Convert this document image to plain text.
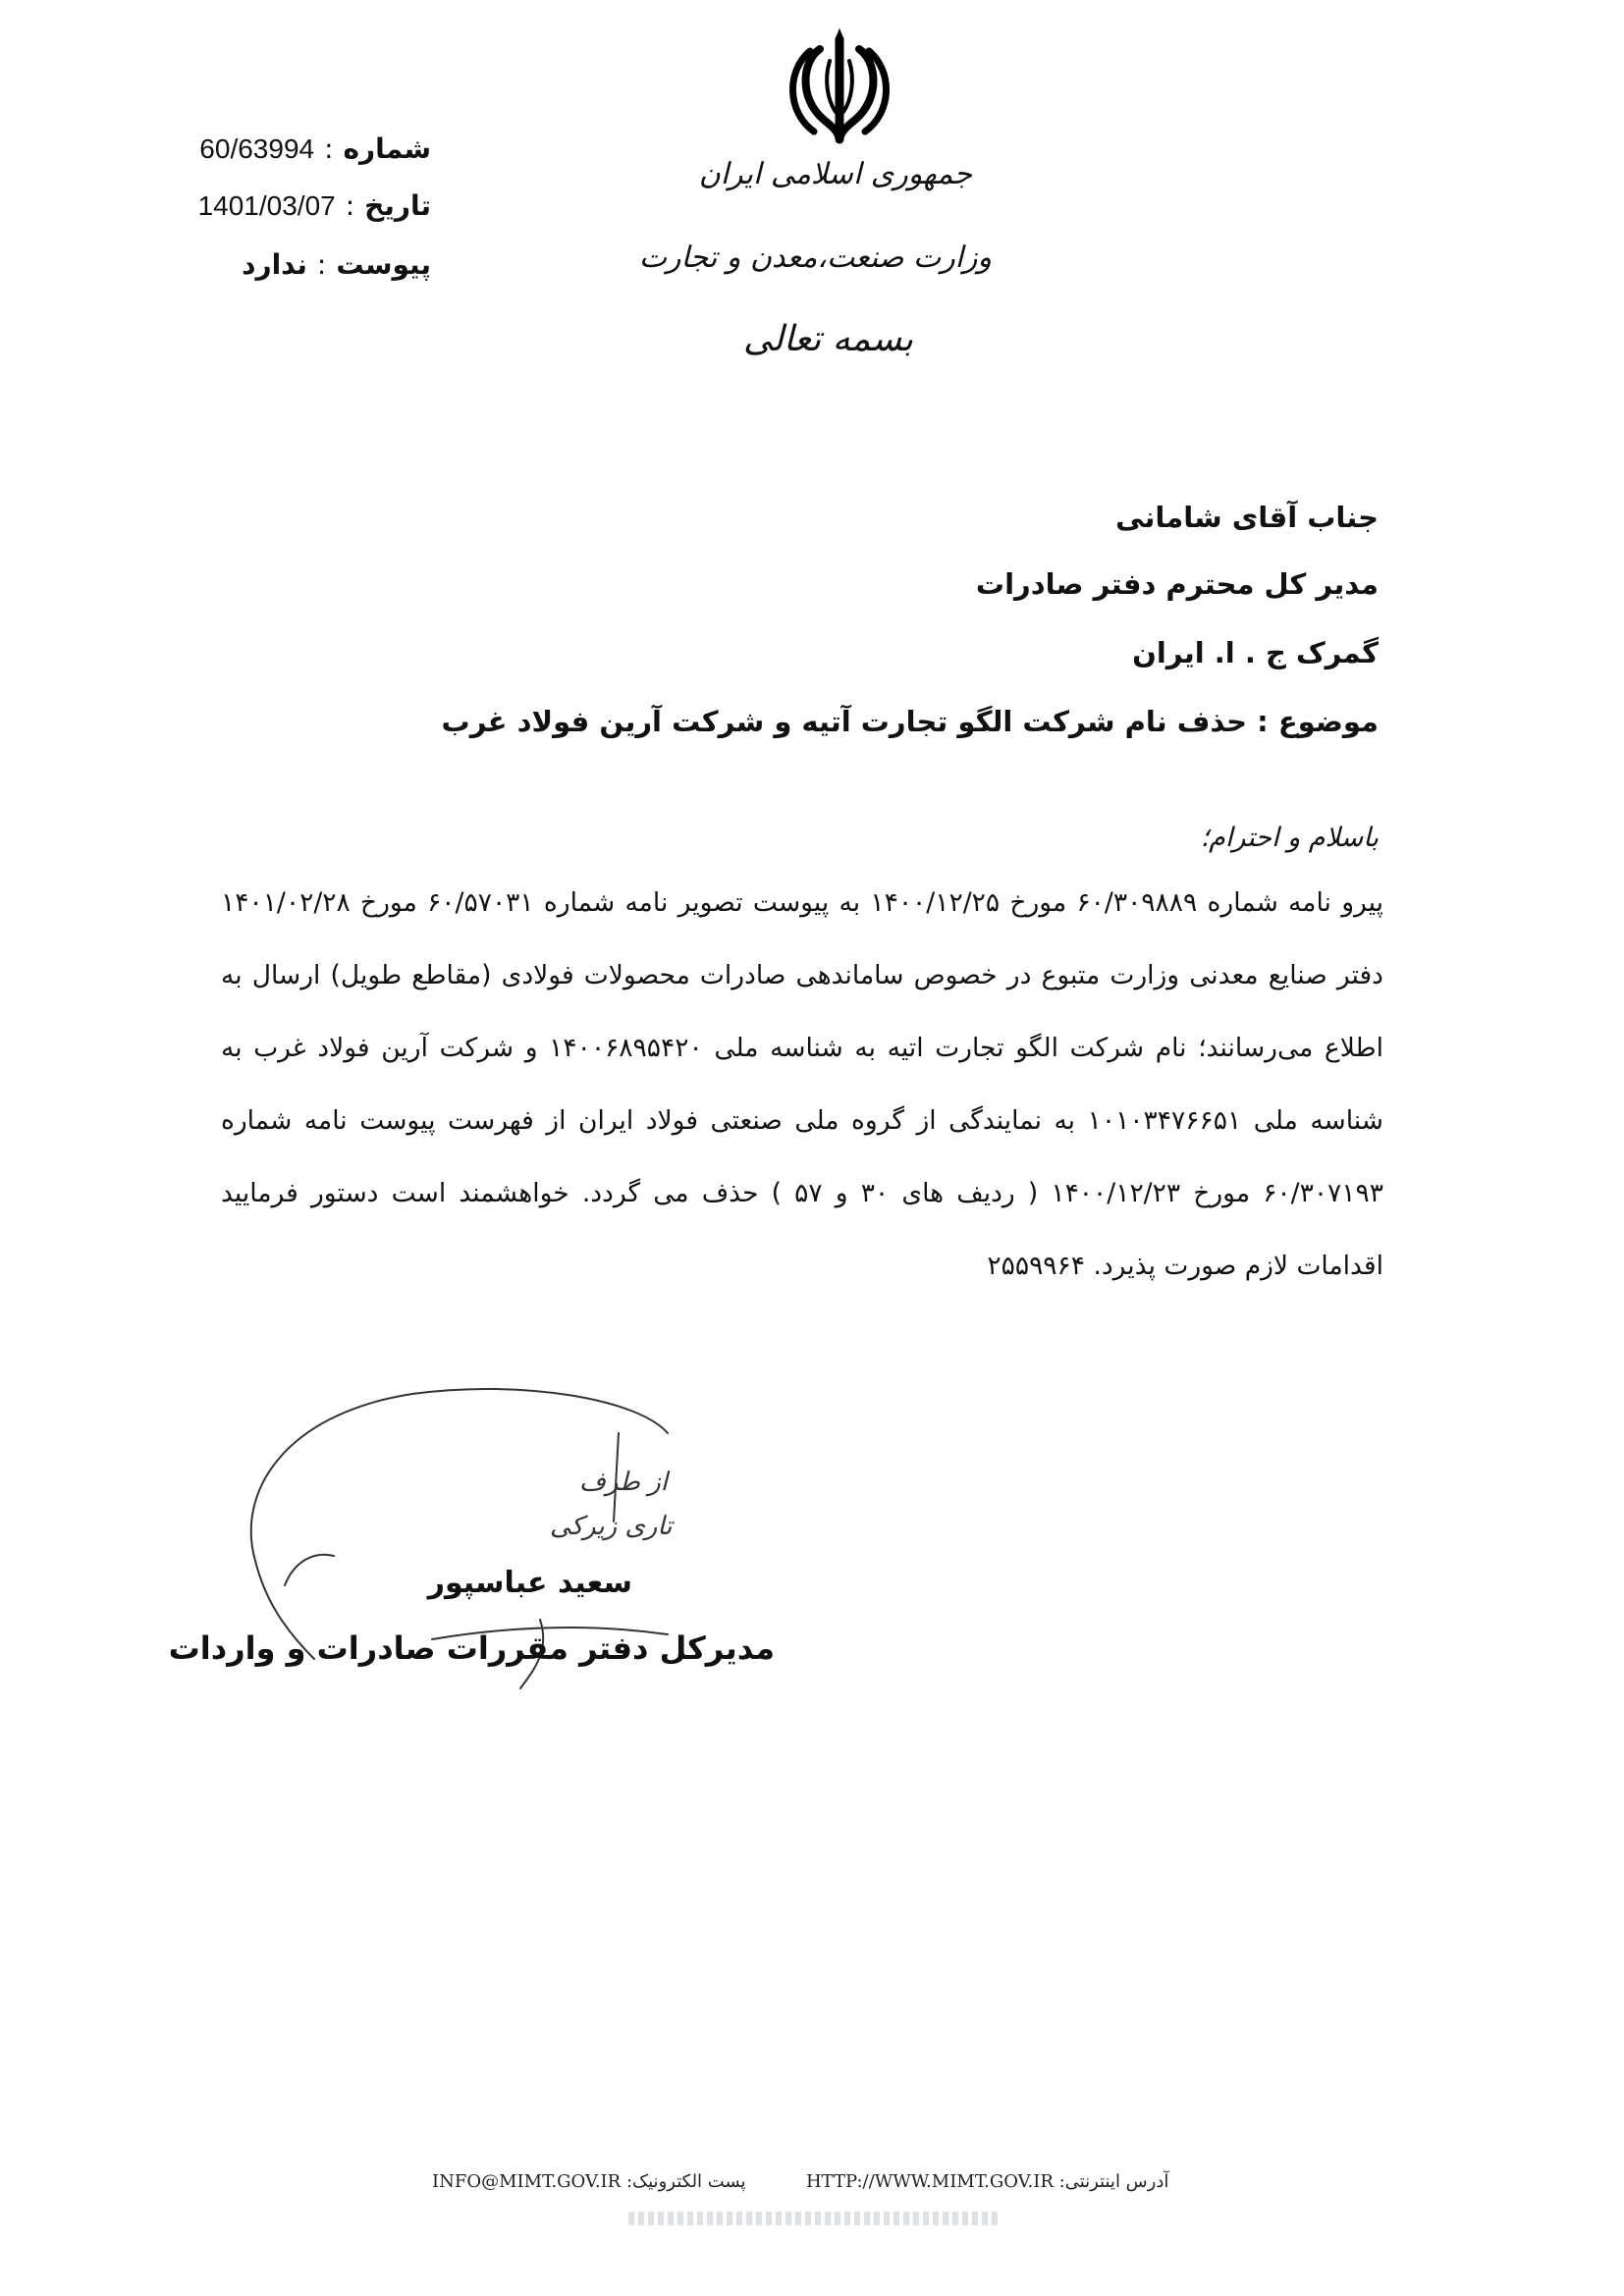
جمهوری اسلامی ایران
وزارت صنعت،معدن و تجارت
بسمه تعالی
شماره
:
60/63994
تاریخ
:
1401/03/07
پیوست
:
ندارد
جناب آقای شامانی
مدیر کل محترم دفتر صادرات
گمرک ج . ا. ایران
موضوع : حذف نام شرکت الگو تجارت آتیه و شرکت آرین فولاد غرب
باسلام و احترام؛
پیرو نامه شماره ۶۰/۳۰۹۸۸۹ مورخ ۱۴۰۰/۱۲/۲۵ به پیوست تصویر نامه شماره ۶۰/۵۷۰۳۱ مورخ ۱۴۰۱/۰۲/۲۸ دفتر صنایع معدنی وزارت متبوع در خصوص ساماندهی صادرات محصولات فولادی (مقاطع طویل) ارسال به اطلاع می‌رسانند؛ نام شرکت الگو تجارت اتیه به شناسه ملی ۱۴۰۰۶۸۹۵۴۲۰ و شرکت آرین فولاد غرب به شناسه ملی ۱۰۱۰۳۴۷۶۶۵۱ به نمایندگی از گروه ملی صنعتی فولاد ایران از فهرست پیوست نامه شماره ۶۰/۳۰۷۱۹۳ مورخ ۱۴۰۰/۱۲/۲۳ ( ردیف های ۳۰ و ۵۷ ) حذف می گردد. خواهشمند است دستور فرمایید اقدامات لازم صورت پذیرد. ۲۵۵۹۹۶۴
از طرف
تاری زیرکی
سعید عباسپور
مدیرکل دفتر مقررات صادرات و واردات
آدرس اینترنتی: HTTP://WWW.MIMT.GOV.IR  پست الکترونیک: INFO@MIMT.GOV.IR
